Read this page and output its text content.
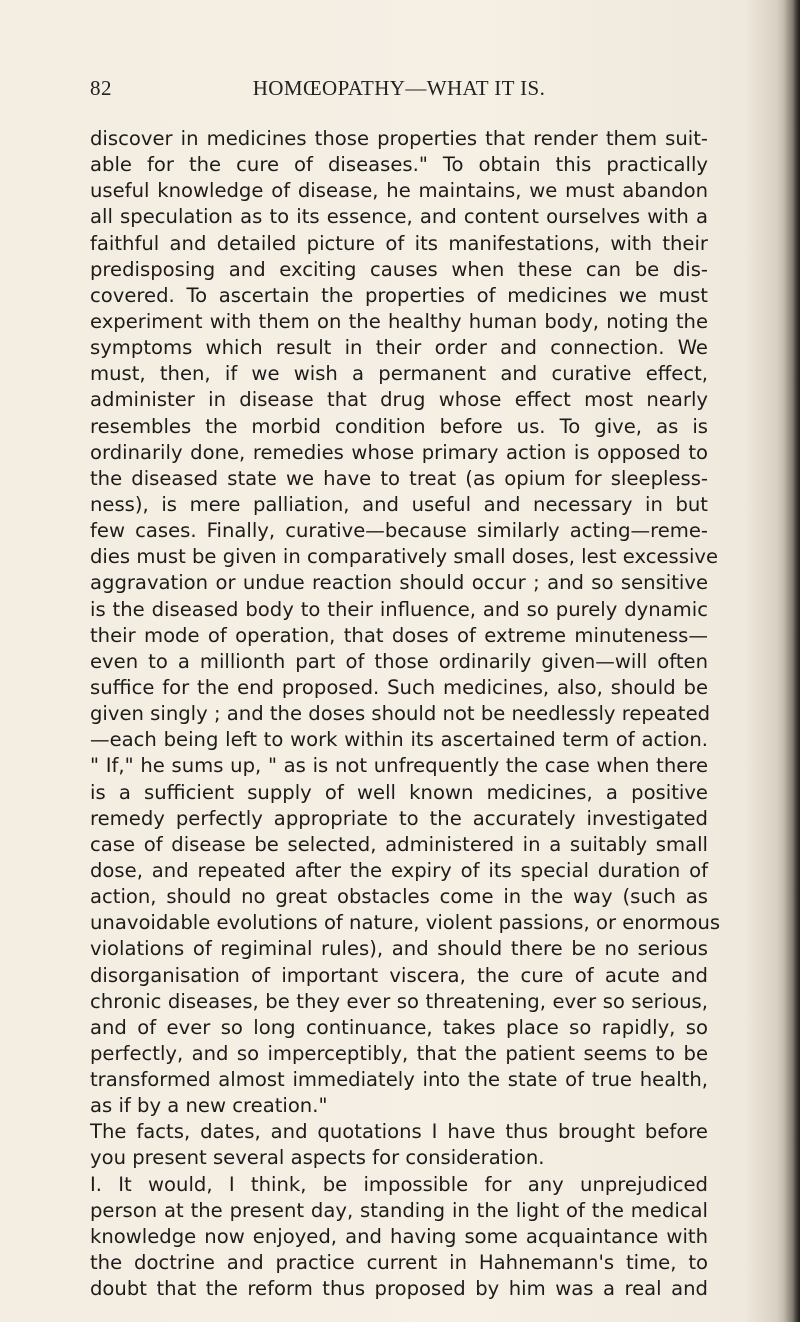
82	HOMŒOPATHY—WHAT IT IS.
discover in medicines those properties that render them suit-
able for the cure of diseases." To obtain this practically
useful knowledge of disease, he maintains, we must abandon
all speculation as to its essence, and content ourselves with a
faithful and detailed picture of its manifestations, with their
predisposing and exciting causes when these can be dis-
covered. To ascertain the properties of medicines we must
experiment with them on the healthy human body, noting the
symptoms which result in their order and connection. We
must, then, if we wish a permanent and curative effect,
administer in disease that drug whose effect most nearly
resembles the morbid condition before us. To give, as is
ordinarily done, remedies whose primary action is opposed to
the diseased state we have to treat (as opium for sleepless-
ness), is mere palliation, and useful and necessary in but
few cases. Finally, curative—because similarly acting—reme-
dies must be given in comparatively small doses, lest excessive
aggravation or undue reaction should occur ; and so sensitive
is the diseased body to their influence, and so purely dynamic
their mode of operation, that doses of extreme minuteness—
even to a millionth part of those ordinarily given—will often
suffice for the end proposed. Such medicines, also, should be
given singly ; and the doses should not be needlessly repeated
—each being left to work within its ascertained term of action.
" If," he sums up, " as is not unfrequently the case when there
is a sufficient supply of well known medicines, a positive
remedy perfectly appropriate to the accurately investigated
case of disease be selected, administered in a suitably small
dose, and repeated after the expiry of its special duration of
action, should no great obstacles come in the way (such as
unavoidable evolutions of nature, violent passions, or enormous
violations of regiminal rules), and should there be no serious
disorganisation of important viscera, the cure of acute and
chronic diseases, be they ever so threatening, ever so serious,
and of ever so long continuance, takes place so rapidly, so
perfectly, and so imperceptibly, that the patient seems to be
transformed almost immediately into the state of true health,
as if by a new creation."
The facts, dates, and quotations I have thus brought before
you present several aspects for consideration.
I. It would, I think, be impossible for any unprejudiced
person at the present day, standing in the light of the medical
knowledge now enjoyed, and having some acquaintance with
the doctrine and practice current in Hahnemann's time, to
doubt that the reform thus proposed by him was a real and
